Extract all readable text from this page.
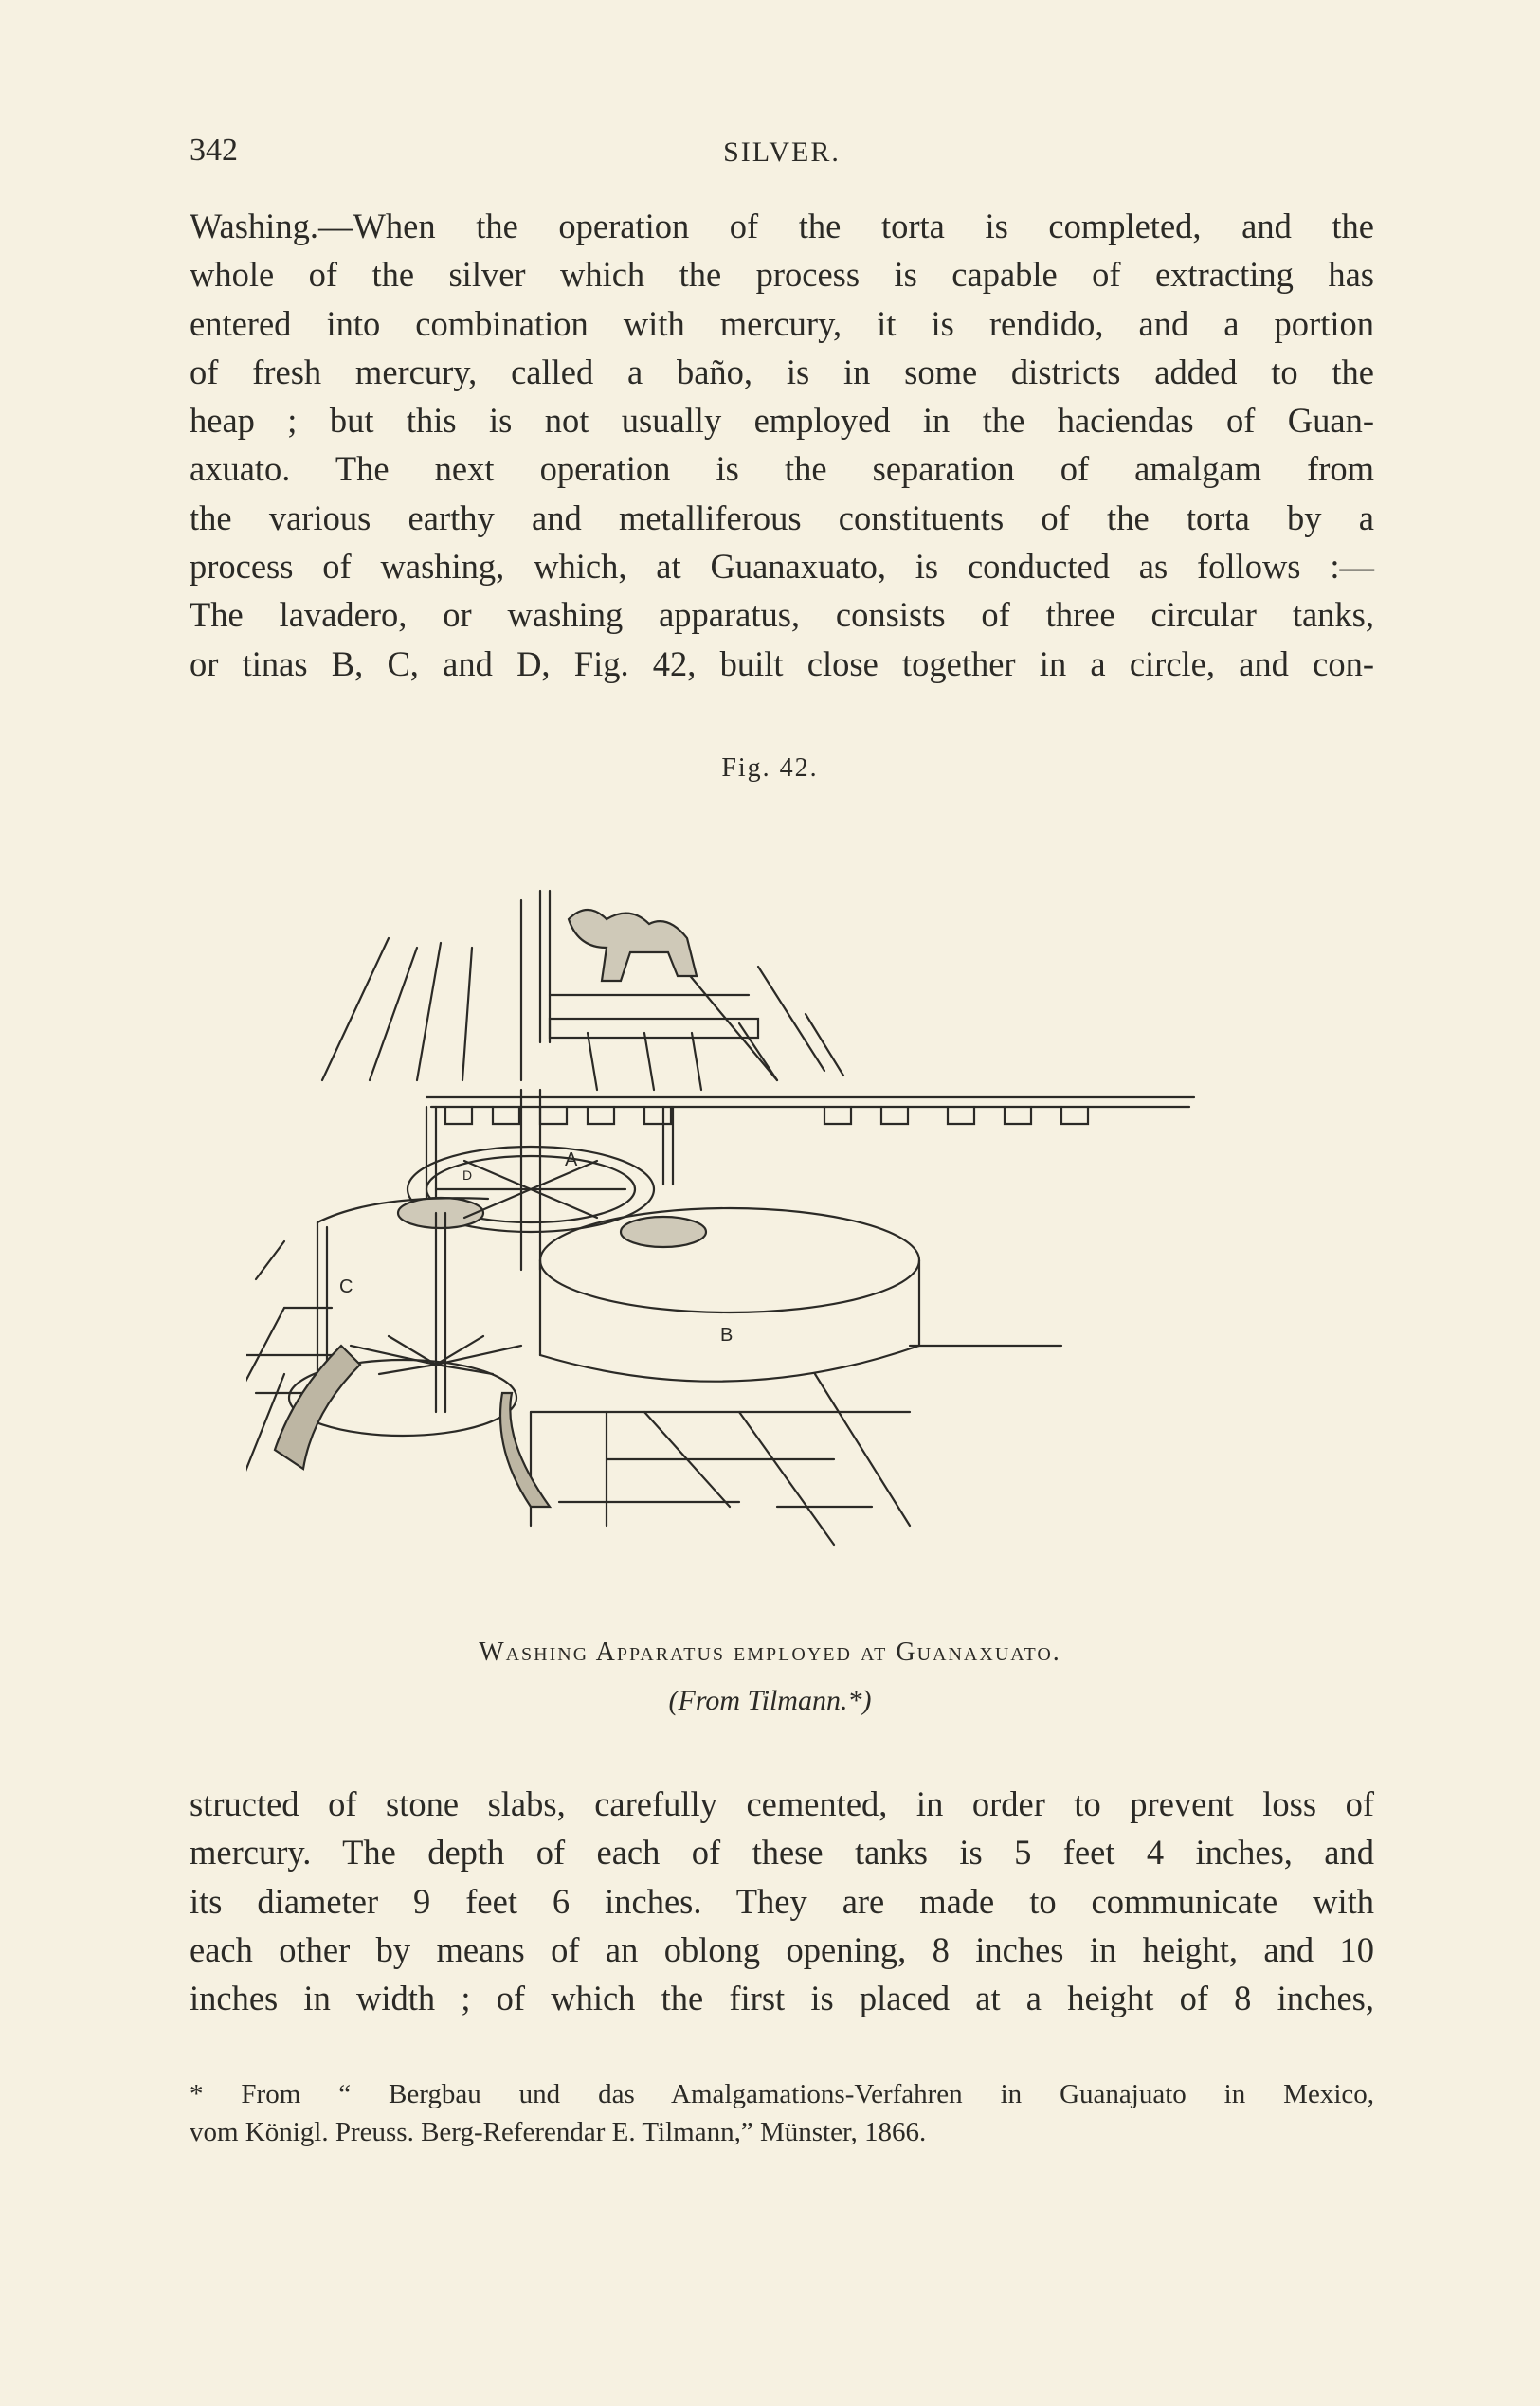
342	SILVER.
Washing.—When the operation of the torta is completed, and the
whole of the silver which the process is capable of extracting has
entered into combination with mercury, it is rendido, and a portion
of fresh mercury, called a baño, is in some districts added to the
heap ; but this is not usually employed in the haciendas of Guan-
axuato. The next operation is the separation of amalgam from
the various earthy and metalliferous constituents of the torta by a
process of washing, which, at Guanaxuato, is conducted as follows :—
The lavadero, or washing apparatus, consists of three circular tanks,
or tinas B, C, and D, Fig. 42, built close together in a circle, and con-
Fig. 42.
A
B
C
D
Washing Apparatus employed at Guanaxuato.
(From Tilmann.*)
structed of stone slabs, carefully cemented, in order to prevent loss of
mercury. The depth of each of these tanks is 5 feet 4 inches, and
its diameter 9 feet 6 inches. They are made to communicate with
each other by means of an oblong opening, 8 inches in height, and 10
inches in width ; of which the first is placed at a height of 8 inches,
* From “ Bergbau und das Amalgamations-Verfahren in Guanajuato in Mexico,
vom Königl. Preuss. Berg-Referendar E. Tilmann,” Münster, 1866.
